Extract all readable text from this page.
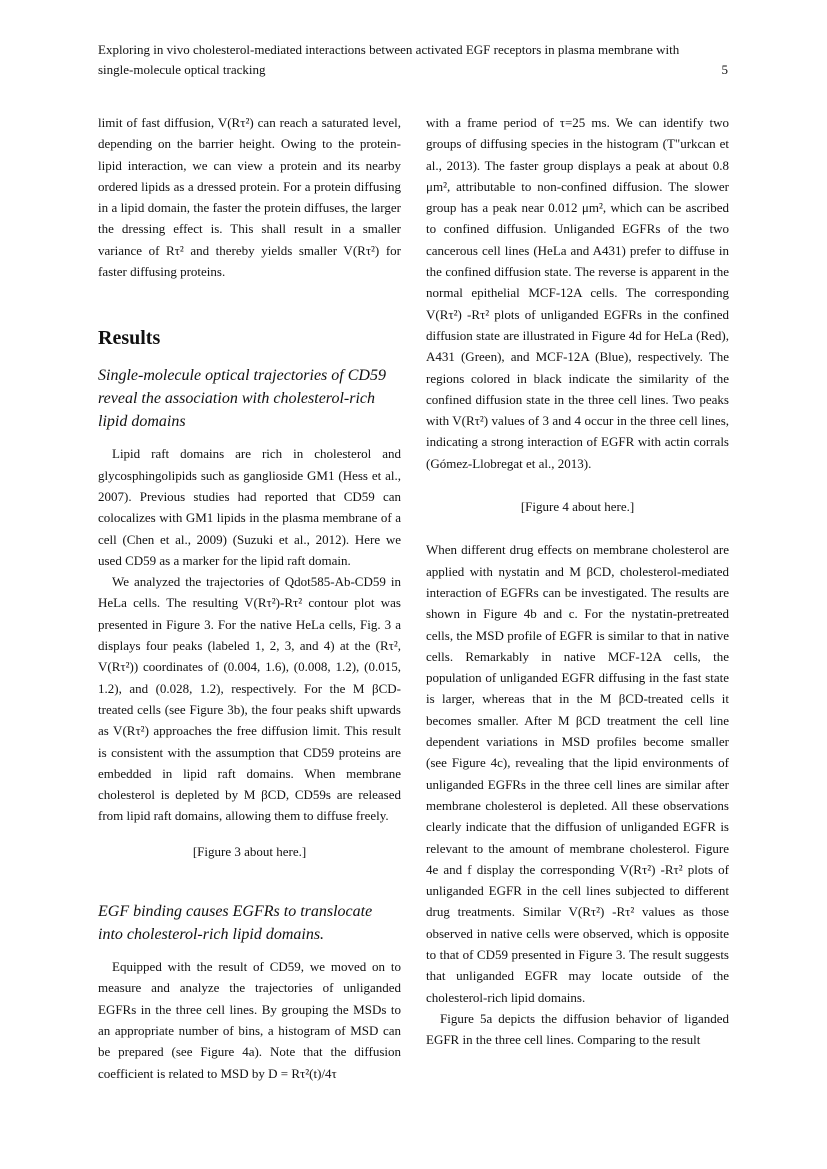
Exploring in vivo cholesterol-mediated interactions between activated EGF receptors in plasma membrane with
single-molecule optical tracking	5

limit of fast diffusion, V(Rτ²) can reach a saturated level, depending on the barrier height. Owing to the protein-lipid interaction, we can view a protein and its nearby ordered lipids as a dressed protein. For a protein diffusing in a lipid domain, the faster the protein diffuses, the larger the dressing effect is. This shall result in a smaller variance of Rτ² and thereby yields smaller V(Rτ²) for faster diffusing proteins.

Results
Single-molecule optical trajectories of CD59 reveal the association with cholesterol-rich lipid domains

Lipid raft domains are rich in cholesterol and glycosphingolipids such as ganglioside GM1 (Hess et al., 2007). Previous studies had reported that CD59 can colocalizes with GM1 lipids in the plasma membrane of a cell (Chen et al., 2009) (Suzuki et al., 2012). Here we used CD59 as a marker for the lipid raft domain.

We analyzed the trajectories of Qdot585-Ab-CD59 in HeLa cells. The resulting V(Rτ²)-Rτ² contour plot was presented in Figure 3. For the native HeLa cells, Fig. 3 a displays four peaks (labeled 1, 2, 3, and 4) at the (Rτ², V(Rτ²)) coordinates of (0.004, 1.6), (0.008, 1.2), (0.015, 1.2), and (0.028, 1.2), respectively. For the M βCD-treated cells (see Figure 3b), the four peaks shift upwards as V(Rτ²) approaches the free diffusion limit. This result is consistent with the assumption that CD59 proteins are embedded in lipid raft domains. When membrane cholesterol is depleted by M βCD, CD59s are released from lipid raft domains, allowing them to diffuse freely.

[Figure 3 about here.]

EGF binding causes EGFRs to translocate into cholesterol-rich lipid domains.

Equipped with the result of CD59, we moved on to measure and analyze the trajectories of unliganded EGFRs in the three cell lines. By grouping the MSDs to an appropriate number of bins, a histogram of MSD can be prepared (see Figure 4a). Note that the diffusion coefficient is related to MSD by D = Rτ²(t)/4τ

with a frame period of τ=25 ms. We can identify two groups of diffusing species in the histogram (T"urkcan et al., 2013). The faster group displays a peak at about 0.8 μm², attributable to non-confined diffusion. The slower group has a peak near 0.012 μm², which can be ascribed to confined diffusion. Unliganded EGFRs of the two cancerous cell lines (HeLa and A431) prefer to diffuse in the confined diffusion state. The reverse is apparent in the normal epithelial MCF-12A cells. The corresponding V(Rτ²) -Rτ² plots of unliganded EGFRs in the confined diffusion state are illustrated in Figure 4d for HeLa (Red), A431 (Green), and MCF-12A (Blue), respectively. The regions colored in black indicate the similarity of the confined diffusion state in the three cell lines. Two peaks with V(Rτ²) values of 3 and 4 occur in the three cell lines, indicating a strong interaction of EGFR with actin corrals (Gómez-Llobregat et al., 2013).

[Figure 4 about here.]

When different drug effects on membrane cholesterol are applied with nystatin and M βCD, cholesterol-mediated interaction of EGFRs can be investigated. The results are shown in Figure 4b and c. For the nystatin-pretreated cells, the MSD profile of EGFR is similar to that in native cells. Remarkably in native MCF-12A cells, the population of unliganded EGFR diffusing in the fast state is larger, whereas that in the M βCD-treated cells it becomes smaller. After M βCD treatment the cell line dependent variations in MSD profiles become smaller (see Figure 4c), revealing that the lipid environments of unliganded EGFRs in the three cell lines are similar after membrane cholesterol is depleted. All these observations clearly indicate that the diffusion of unliganded EGFR is relevant to the amount of membrane cholesterol. Figure 4e and f display the corresponding V(Rτ²) -Rτ² plots of unliganded EGFR in the cell lines subjected to different drug treatments. Similar V(Rτ²) -Rτ² values as those observed in native cells were observed, which is opposite to that of CD59 presented in Figure 3. The result suggests that unliganded EGFR may locate outside of the cholesterol-rich lipid domains.

Figure 5a depicts the diffusion behavior of liganded EGFR in the three cell lines. Comparing to the result
